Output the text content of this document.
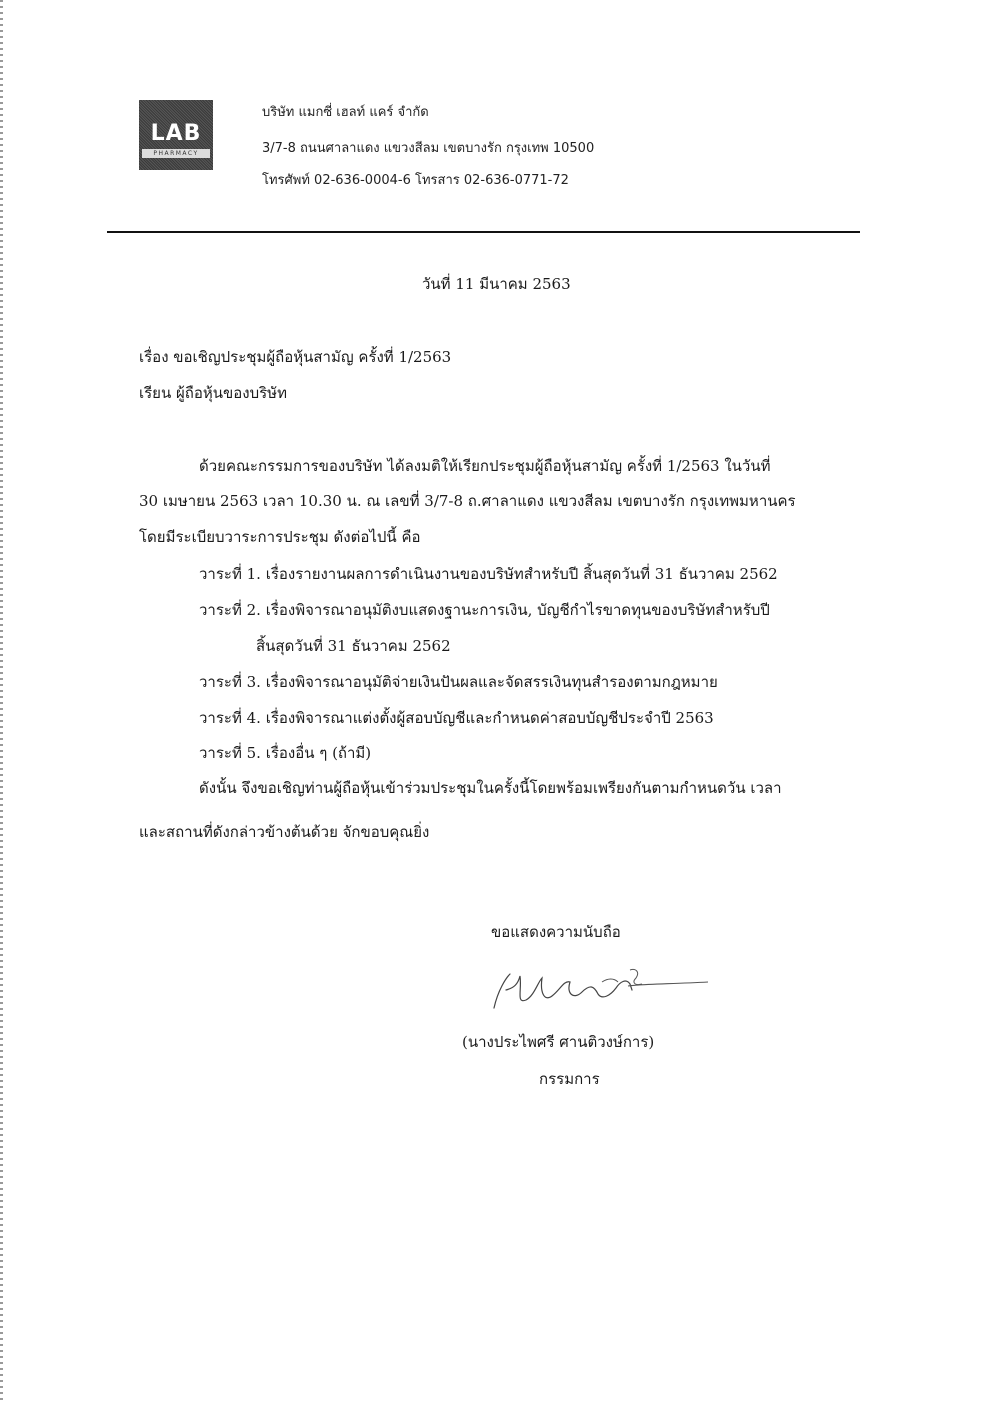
LAB
PHARMACY
บริษัท แมกซี่ เฮลท์ แคร์ จำกัด
3/7-8 ถนนศาลาแดง แขวงสีลม เขตบางรัก กรุงเทพ 10500
โทรศัพท์ 02-636-0004-6 โทรสาร 02-636-0771-72
วันที่ 11 มีนาคม 2563
เรื่อง ขอเชิญประชุมผู้ถือหุ้นสามัญ ครั้งที่ 1/2563
เรียน ผู้ถือหุ้นของบริษัท
ด้วยคณะกรรมการของบริษัท ได้ลงมติให้เรียกประชุมผู้ถือหุ้นสามัญ ครั้งที่ 1/2563 ในวันที่
30 เมษายน 2563 เวลา 10.30 น. ณ เลขที่ 3/7-8 ถ.ศาลาแดง แขวงสีลม เขตบางรัก กรุงเทพมหานคร
โดยมีระเบียบวาระการประชุม ดังต่อไปนี้ คือ
วาระที่ 1. เรื่องรายงานผลการดำเนินงานของบริษัทสำหรับปี สิ้นสุดวันที่ 31 ธันวาคม 2562
วาระที่ 2. เรื่องพิจารณาอนุมัติงบแสดงฐานะการเงิน, บัญชีกำไรขาดทุนของบริษัทสำหรับปี
สิ้นสุดวันที่ 31 ธันวาคม 2562
วาระที่ 3. เรื่องพิจารณาอนุมัติจ่ายเงินปันผลและจัดสรรเงินทุนสำรองตามกฎหมาย
วาระที่ 4. เรื่องพิจารณาแต่งตั้งผู้สอบบัญชีและกำหนดค่าสอบบัญชีประจำปี 2563
วาระที่ 5. เรื่องอื่น ๆ (ถ้ามี)
ดังนั้น จึงขอเชิญท่านผู้ถือหุ้นเข้าร่วมประชุมในครั้งนี้โดยพร้อมเพรียงกันตามกำหนดวัน เวลา
และสถานที่ดังกล่าวข้างต้นด้วย จักขอบคุณยิ่ง
ขอแสดงความนับถือ
(นางประไพศรี ศานติวงษ์การ)
กรรมการ
